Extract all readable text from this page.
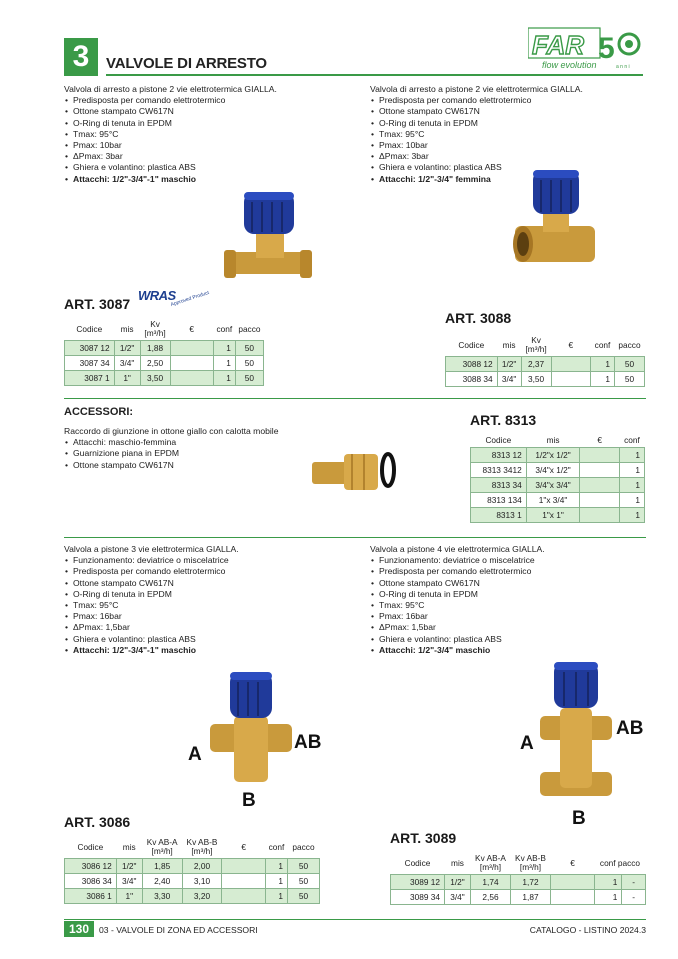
3	VALVOLE DI ARRESTO
FAR 5
flow evolution	a n n i
Valvola di arresto a pistone 2 vie elettrotermica GIALLA.
• Predisposta per comando elettrotermico
• Ottone stampato CW617N
• O-Ring di tenuta in EPDM
• Tmax: 95°C
• Pmax: 10bar
• ΔPmax: 3bar
• Ghiera e volantino: plastica ABS
• Attacchi: 1/2"-3/4"-1" maschio
Valvola di arresto a pistone 2 vie elettrotermica GIALLA.
• Predisposta per comando elettrotermico
• Ottone stampato CW617N
• O-Ring di tenuta in EPDM
• Tmax: 95°C
• Pmax: 10bar
• ΔPmax: 3bar
• Ghiera e volantino: plastica ABS
• Attacchi: 1/2"-3/4" femmina
ART. 3087
WRAS
Approved Product
Codice	mis	Kv
[m³/h]	€	conf	pacco
3087 12	1/2"	1,88		1	50
3087 34	3/4"	2,50		1	50
3087 1	1"	3,50		1	50
ART. 3088
Codice	mis	Kv
[m³/h]	€	conf	pacco
3088 12	1/2"	2,37		1	50
3088 34	3/4"	3,50		1	50
ACCESSORI:
Raccordo di giunzione in ottone giallo con calotta mobile
• Attacchi: maschio-femmina
• Guarnizione piana in EPDM
• Ottone stampato CW617N
ART. 8313
Codice	mis	€	conf
8313 12	1/2"x 1/2"		1
8313 3412	3/4"x 1/2"		1
8313 34	3/4"x 3/4"		1
8313 134	1"x 3/4"		1
8313 1	1"x 1"		1
Valvola a pistone 3 vie elettrotermica GIALLA.
• Funzionamento: deviatrice o miscelatrice
• Predisposta per comando elettrotermico
• Ottone stampato CW617N
• O-Ring di tenuta in EPDM
• Tmax: 95°C
• Pmax: 16bar
• ΔPmax: 1,5bar
• Ghiera e volantino: plastica ABS
• Attacchi: 1/2"-3/4"-1" maschio
Valvola a pistone 4 vie elettrotermica GIALLA.
• Funzionamento: deviatrice o miscelatrice
• Predisposta per comando elettrotermico
• Ottone stampato CW617N
• O-Ring di tenuta in EPDM
• Tmax: 95°C
• Pmax: 16bar
• ΔPmax: 1,5bar
• Ghiera e volantino: plastica ABS
• Attacchi: 1/2"-3/4" maschio
A
AB
B
A
AB
B
ART. 3086
Codice	mis	Kv AB-A
[m³/h]	Kv AB-B
[m³/h]	€	conf	pacco
3086 12	1/2"	1,85	2,00		1	50
3086 34	3/4"	2,40	3,10		1	50
3086 1	1"	3,30	3,20		1	50
ART. 3089
Codice	mis	Kv AB-A
[m³/h]	Kv AB-B
[m³/h]	€	conf pacco	
3089 12	1/2"	1,74	1,72		1	-
3089 34	3/4"	2,56	1,87		1	-
130	03 - VALVOLE DI ZONA ED ACCESSORI	CATALOGO - LISTINO 2024.3
